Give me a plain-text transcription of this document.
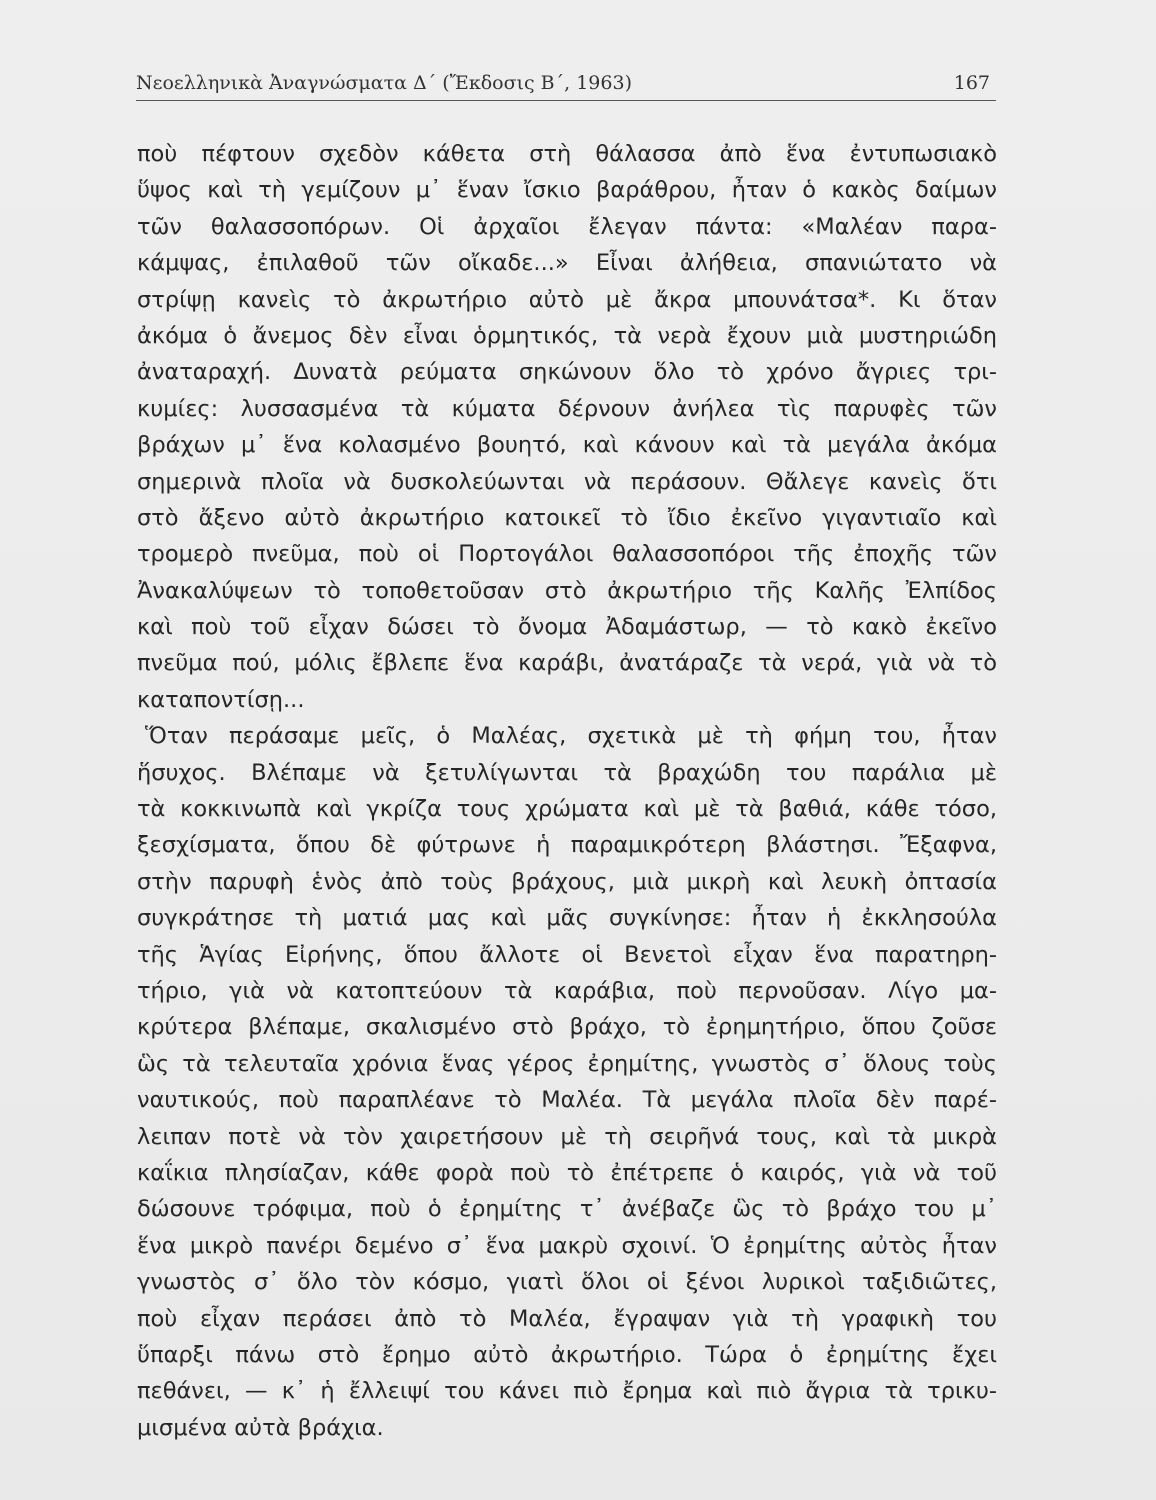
Νεοελληνικὰ Ἀναγνώσματα Δ΄ (Ἔκδοσις Β΄, 1963)	167
ποὺ πέφτουν σχεδὸν κάθετα στὴ θάλασσα ἀπὸ ἕνα ἐντυπωσιακὸ
ὕψος καὶ τὴ γεμίζουν μ᾽ ἕναν ἴσκιο βαράθρου, ἦταν ὁ κακὸς δαίμων
τῶν θαλασσοπόρων. Οἱ ἀρχαῖοι ἔλεγαν πάντα: «Μαλέαν παρα-
κάμψας, ἐπιλαθοῦ τῶν οἴκαδε...» Εἶναι ἀλήθεια, σπανιώτατο νὰ
στρίψῃ κανεὶς τὸ ἀκρωτήριο αὐτὸ μὲ ἄκρα μπουνάτσα*. Κι ὅταν
ἀκόμα ὁ ἄνεμος δὲν εἶναι ὁρμητικός, τὰ νερὰ ἔχουν μιὰ μυστηριώδη
ἀναταραχή. Δυνατὰ ρεύματα σηκώνουν ὅλο τὸ χρόνο ἄγριες τρι-
κυμίες: λυσσασμένα τὰ κύματα δέρνουν ἀνήλεα τὶς παρυφὲς τῶν
βράχων μ᾽ ἕνα κολασμένο βουητό, καὶ κάνουν καὶ τὰ μεγάλα ἀκόμα
σημερινὰ πλοῖα νὰ δυσκολεύωνται νὰ περάσουν. Θἄλεγε κανεὶς ὅτι
στὸ ἄξενο αὐτὸ ἀκρωτήριο κατοικεῖ τὸ ἴδιο ἐκεῖνο γιγαντιαῖο καὶ
τρομερὸ πνεῦμα, ποὺ οἱ Πορτογάλοι θαλασσοπόροι τῆς ἐποχῆς τῶν
Ἀνακαλύψεων τὸ τοποθετοῦσαν στὸ ἀκρωτήριο τῆς Καλῆς Ἐλπίδος
καὶ ποὺ τοῦ εἶχαν δώσει τὸ ὄνομα Ἀδαμάστωρ, — τὸ κακὸ ἐκεῖνο
πνεῦμα πού, μόλις ἔβλεπε ἕνα καράβι, ἀνατάραζε τὰ νερά, γιὰ νὰ τὸ
καταποντίσῃ...
Ὅταν περάσαμε μεῖς, ὁ Μαλέας, σχετικὰ μὲ τὴ φήμη του, ἦταν
ἥσυχος. Βλέπαμε νὰ ξετυλίγωνται τὰ βραχώδη του παράλια μὲ
τὰ κοκκινωπὰ καὶ γκρίζα τους χρώματα καὶ μὲ τὰ βαθιά, κάθε τόσο,
ξεσχίσματα, ὅπου δὲ φύτρωνε ἡ παραμικρότερη βλάστησι. Ἔξαφνα,
στὴν παρυφὴ ἑνὸς ἀπὸ τοὺς βράχους, μιὰ μικρὴ καὶ λευκὴ ὀπτασία
συγκράτησε τὴ ματιά μας καὶ μᾶς συγκίνησε: ἦταν ἡ ἐκκλησούλα
τῆς Ἁγίας Εἰρήνης, ὅπου ἄλλοτε οἱ Βενετοὶ εἶχαν ἕνα παρατηρη-
τήριο, γιὰ νὰ κατοπτεύουν τὰ καράβια, ποὺ περνοῦσαν. Λίγο μα-
κρύτερα βλέπαμε, σκαλισμένο στὸ βράχο, τὸ ἐρημητήριο, ὅπου ζοῦσε
ὣς τὰ τελευταῖα χρόνια ἕνας γέρος ἐρημίτης, γνωστὸς σ᾽ ὅλους τοὺς
ναυτικούς, ποὺ παραπλέανε τὸ Μαλέα. Τὰ μεγάλα πλοῖα δὲν παρέ-
λειπαν ποτὲ νὰ τὸν χαιρετήσουν μὲ τὴ σειρῆνά τους, καὶ τὰ μικρὰ
καΐκια πλησίαζαν, κάθε φορὰ ποὺ τὸ ἐπέτρεπε ὁ καιρός, γιὰ νὰ τοῦ
δώσουνε τρόφιμα, ποὺ ὁ ἐρημίτης τ᾽ ἀνέβαζε ὣς τὸ βράχο του μ᾽
ἕνα μικρὸ πανέρι δεμένο σ᾽ ἕνα μακρὺ σχοινί. Ὁ ἐρημίτης αὐτὸς ἦταν
γνωστὸς σ᾽ ὅλο τὸν κόσμο, γιατὶ ὅλοι οἱ ξένοι λυρικοὶ ταξιδιῶτες,
ποὺ εἶχαν περάσει ἀπὸ τὸ Μαλέα, ἔγραψαν γιὰ τὴ γραφικὴ του
ὕπαρξι πάνω στὸ ἔρημο αὐτὸ ἀκρωτήριο. Τώρα ὁ ἐρημίτης ἔχει
πεθάνει, — κ᾽ ἡ ἔλλειψί του κάνει πιὸ ἔρημα καὶ πιὸ ἄγρια τὰ τρικυ-
μισμένα αὐτὰ βράχια.
